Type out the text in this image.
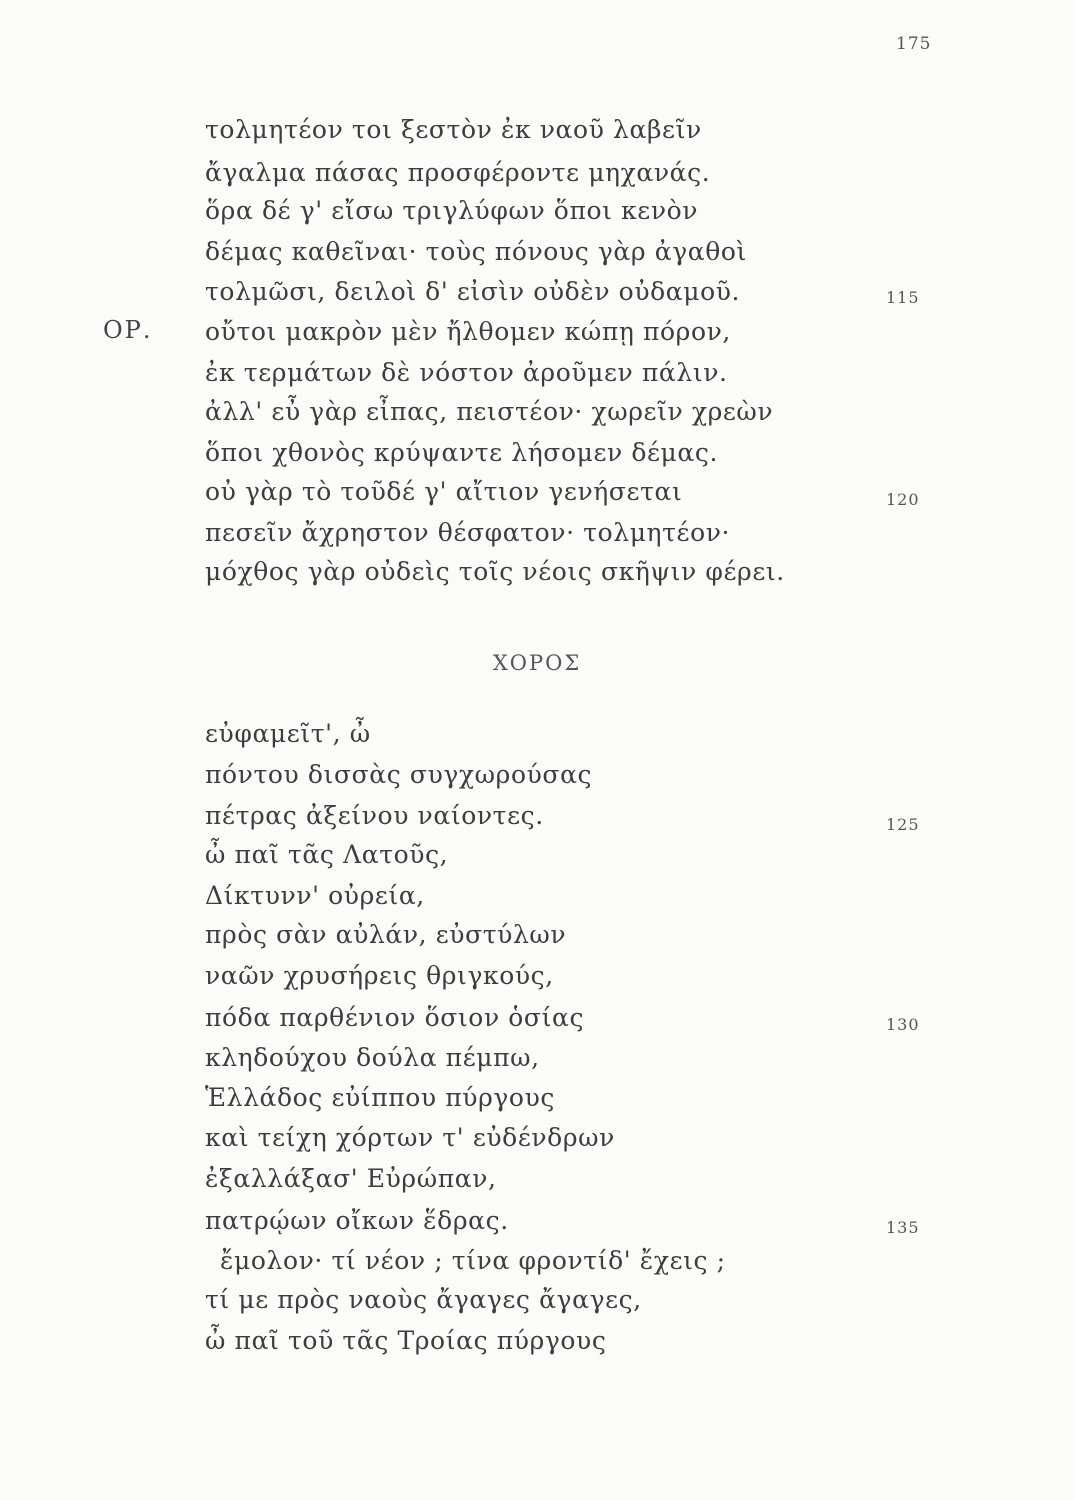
175
τολμητέον τοι ξεστὸν ἐκ ναοῦ λαβεῖν
ἄγαλμα πάσας προσφέροντε μηχανάς.
ὅρα δέ γ' εἴσω τριγλύφων ὅποι κενὸν
δέμας καθεῖναι· τοὺς πόνους γὰρ ἀγαθοὶ
τολμῶσι, δειλοὶ δ' εἰσὶν οὐδὲν οὐδαμοῦ.	115
ΟΡ. οὔτοι μακρὸν μὲν ἤλθομεν κώπῃ πόρον,
ἐκ τερμάτων δὲ νόστον ἀροῦμεν πάλιν.
ἀλλ' εὖ γὰρ εἶπας, πειστέον· χωρεῖν χρεὼν
ὅποι χθονὸς κρύψαντε λήσομεν δέμας.
οὐ γὰρ τὸ τοῦδέ γ' αἴτιον γενήσεται	120
πεσεῖν ἄχρηστον θέσφατον· τολμητέον·
μόχθος γὰρ οὐδεὶς τοῖς νέοις σκῆψιν φέρει.
ΧΟΡΟΣ
εὐφαμεῖτ', ὦ
πόντου δισσὰς συγχωρούσας
πέτρας ἀξείνου ναίοντες.	125
ὦ παῖ τᾶς Λατοῦς,
Δίκτυνν' οὐρεία,
πρὸς σὰν αὐλάν, εὐστύλων
ναῶν χρυσήρεις θριγκούς,
πόδα παρθένιον ὅσιον ὁσίας	130
κληδούχου δούλα πέμπω,
Ἑλλάδος εὐίππου πύργους
καὶ τείχη χόρτων τ' εὐδένδρων
ἐξαλλάξασ' Εὐρώπαν,
πατρῴων οἴκων ἕδρας.	135
ἔμολον· τί νέον ; τίνα φροντίδ' ἔχεις ;
τί με πρὸς ναοὺς ἄγαγες ἄγαγες,
ὦ παῖ τοῦ τᾶς Τροίας πύργους
